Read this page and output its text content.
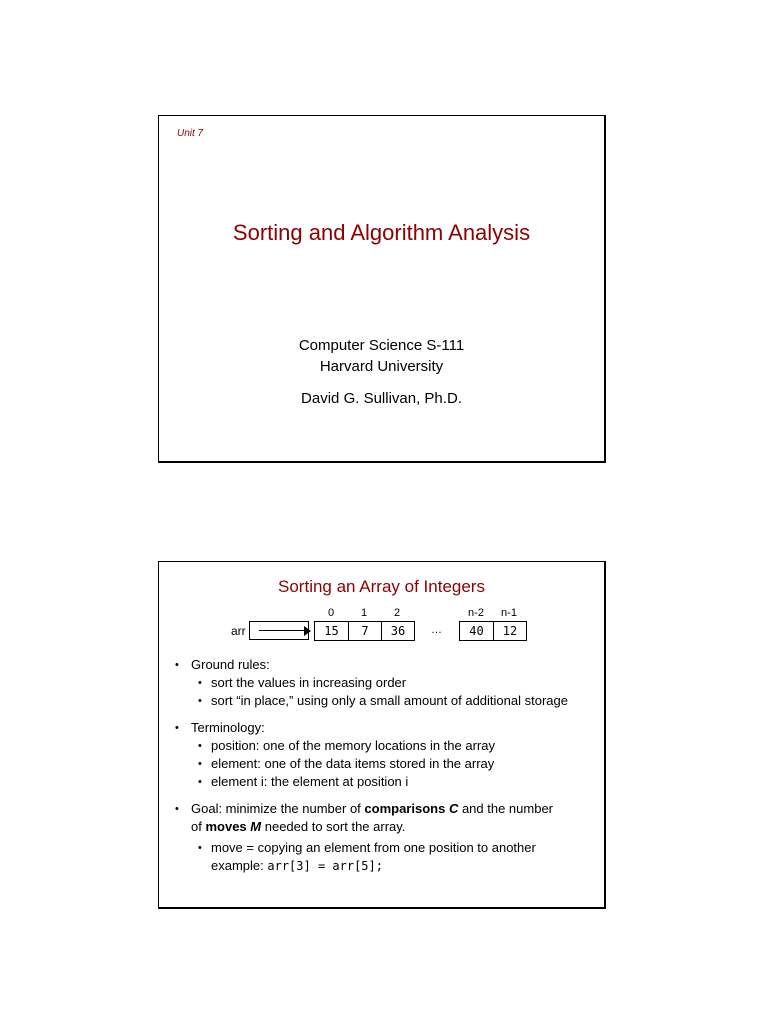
Unit 7
Sorting and Algorithm Analysis
Computer Science S-111
Harvard University
David G. Sullivan, Ph.D.
Sorting an Array of Integers
0	1	2	n-2	n-1
arr	15	7	36	…	40	12
• Ground rules:
• sort the values in increasing order
• sort “in place,” using only a small amount of additional storage
• Terminology:
• position: one of the memory locations in the array
• element: one of the data items stored in the array
• element i: the element at position i
• Goal: minimize the number of comparisons C and the number
of moves M needed to sort the array.
• move = copying an element from one position to another
example: arr[3] = arr[5];
